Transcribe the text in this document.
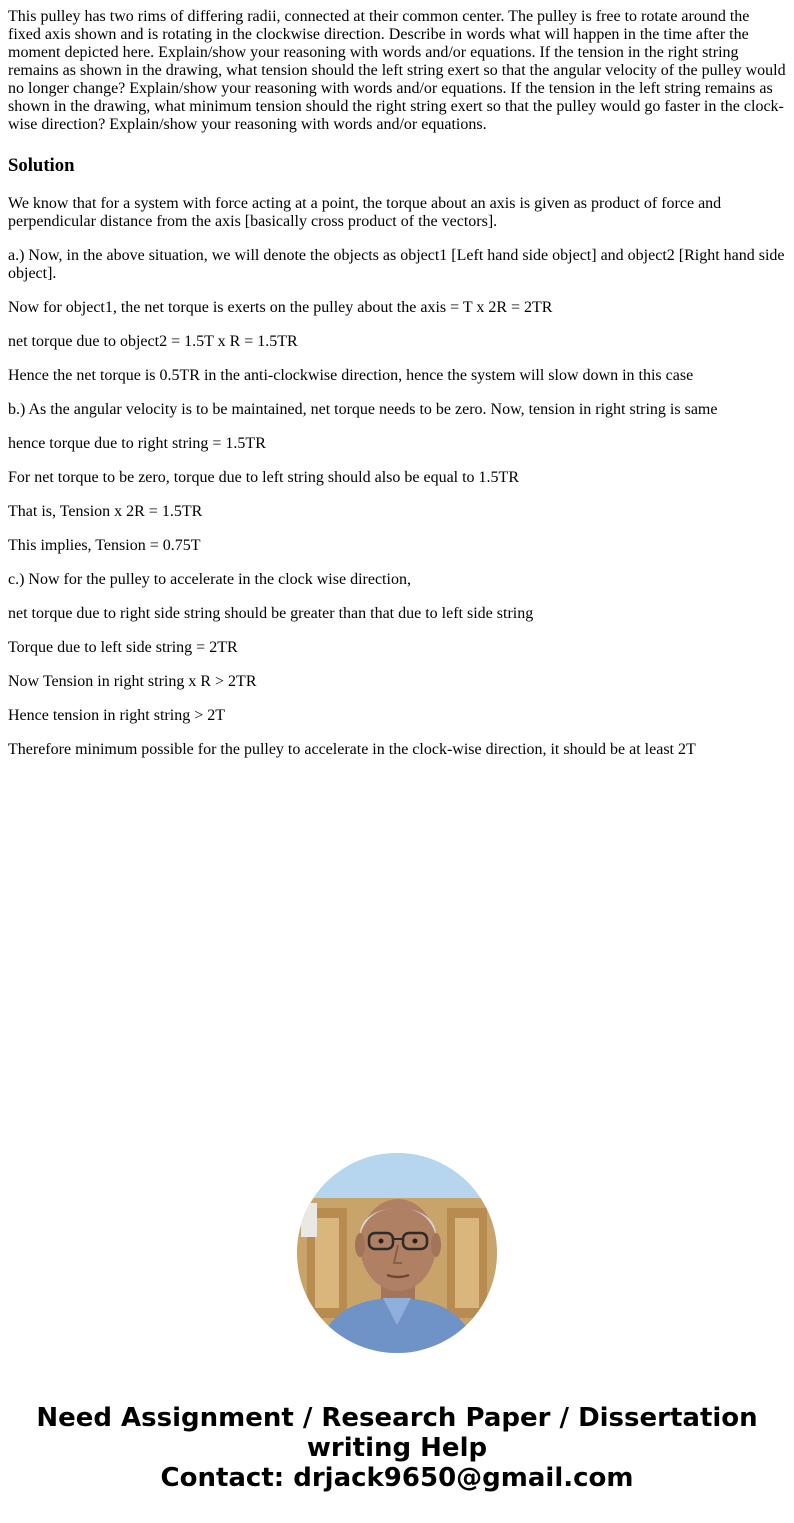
This pulley has two rims of differing radii, connected at their common center. The pulley is free to rotate around the fixed axis shown and is rotating in the clockwise direction. Describe in words what will happen in the time after the moment depicted here. Explain/show your reasoning with words and/or equations. If the tension in the right string remains as shown in the drawing, what tension should the left string exert so that the angular velocity of the pulley would no longer change? Explain/show your reasoning with words and/or equations. If the tension in the left string remains as shown in the drawing, what minimum tension should the right string exert so that the pulley would go faster in the clock-wise direction? Explain/show your reasoning with words and/or equations.

Solution

We know that for a system with force acting at a point, the torque about an axis is given as product of force and perpendicular distance from the axis [basically cross product of the vectors].

a.) Now, in the above situation, we will denote the objects as object1 [Left hand side object] and object2 [Right hand side object].

Now for object1, the net torque is exerts on the pulley about the axis = T x 2R = 2TR

net torque due to object2 = 1.5T x R = 1.5TR

Hence the net torque is 0.5TR in the anti-clockwise direction, hence the system will slow down in this case

b.) As the angular velocity is to be maintained, net torque needs to be zero. Now, tension in right string is same

hence torque due to right string = 1.5TR

For net torque to be zero, torque due to left string should also be equal to 1.5TR

That is, Tension x 2R = 1.5TR

This implies, Tension = 0.75T

c.) Now for the pulley to accelerate in the clock wise direction,

net torque due to right side string should be greater than that due to left side string

Torque due to left side string = 2TR

Now Tension in right string x R > 2TR

Hence tension in right string > 2T

Therefore minimum possible for the pulley to accelerate in the clock-wise direction, it should be at least 2T

Need Assignment / Research Paper / Dissertation
writing Help
Contact: drjack9650@gmail.com
